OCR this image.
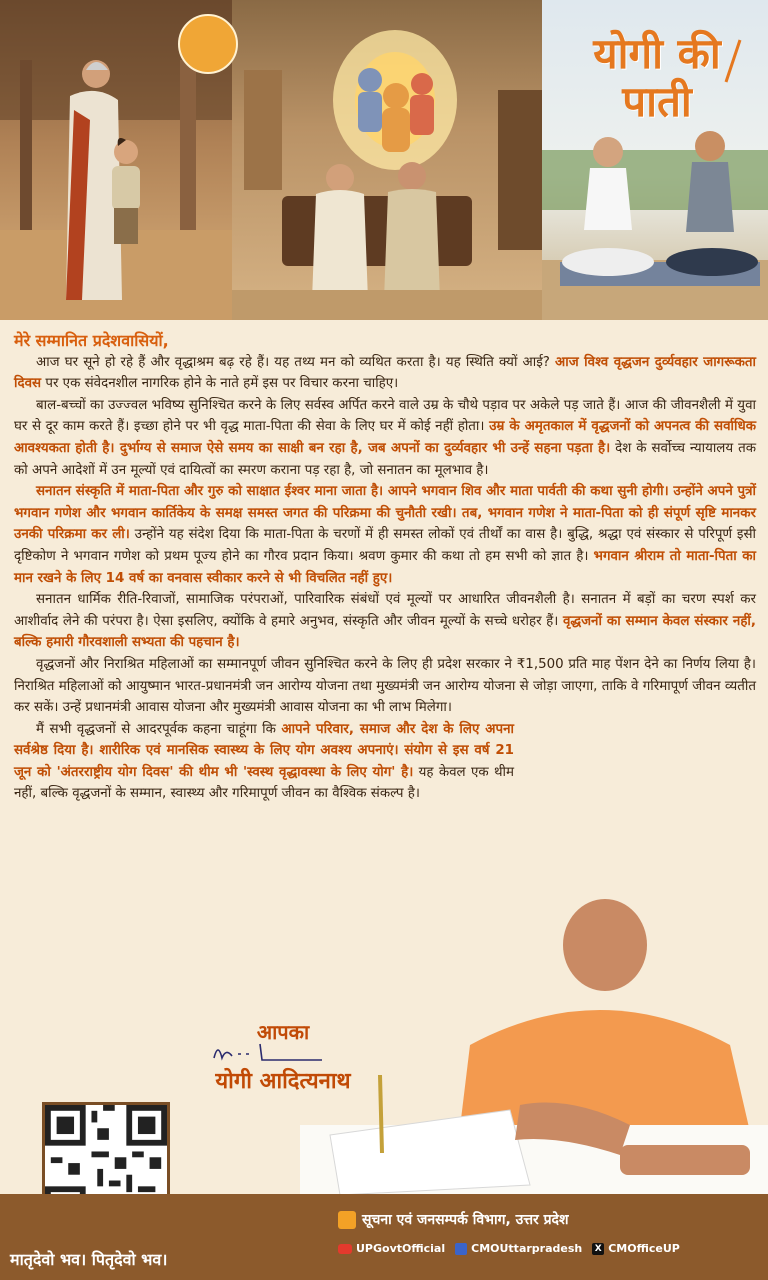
योगी की
पाती
मेरे सम्मानित प्रदेशवासियों,

आज घर सूने हो रहे हैं और वृद्धाश्रम बढ़ रहे हैं। यह तथ्य मन को व्यथित करता है। यह स्थिति क्यों आई? आज विश्व वृद्धजन दुर्व्यवहार जागरूकता दिवस पर एक संवेदनशील नागरिक होने के नाते हमें इस पर विचार करना चाहिए।

बाल-बच्चों का उज्ज्वल भविष्य सुनिश्चित करने के लिए सर्वस्व अर्पित करने वाले उम्र के चौथे पड़ाव पर अकेले पड़ जाते हैं। आज की जीवनशैली में युवा घर से दूर काम करते हैं। इच्छा होने पर भी वृद्ध माता-पिता की सेवा के लिए घर में कोई नहीं होता। उम्र के अमृतकाल में वृद्धजनों को अपनत्व की सर्वाधिक आवश्यकता होती है। दुर्भाग्य से समाज ऐसे समय का साक्षी बन रहा है, जब अपनों का दुर्व्यवहार भी उन्हें सहना पड़ता है। देश के सर्वोच्च न्यायालय तक को अपने आदेशों में उन मूल्यों एवं दायित्वों का स्मरण कराना पड़ रहा है, जो सनातन का मूलभाव है।

सनातन संस्कृति में माता-पिता और गुरु को साक्षात ईश्वर माना जाता है। आपने भगवान शिव और माता पार्वती की कथा सुनी होगी। उन्होंने अपने पुत्रों भगवान गणेश और भगवान कार्तिकेय के समक्ष समस्त जगत की परिक्रमा की चुनौती रखी। तब, भगवान गणेश ने माता-पिता को ही संपूर्ण सृष्टि मानकर उनकी परिक्रमा कर ली। उन्होंने यह संदेश दिया कि माता-पिता के चरणों में ही समस्त लोकों एवं तीर्थों का वास है। बुद्धि, श्रद्धा एवं संस्कार से परिपूर्ण इसी दृष्टिकोण ने भगवान गणेश को प्रथम पूज्य होने का गौरव प्रदान किया। श्रवण कुमार की कथा तो हम सभी को ज्ञात है। भगवान श्रीराम तो माता-पिता का मान रखने के लिए 14 वर्ष का वनवास स्वीकार करने से भी विचलित नहीं हुए।

सनातन धार्मिक रीति-रिवाजों, सामाजिक परंपराओं, पारिवारिक संबंधों एवं मूल्यों पर आधारित जीवनशैली है। सनातन में बड़ों का चरण स्पर्श कर आशीर्वाद लेने की परंपरा है। ऐसा इसलिए, क्योंकि वे हमारे अनुभव, संस्कृति और जीवन मूल्यों के सच्चे धरोहर हैं। वृद्धजनों का सम्मान केवल संस्कार नहीं, बल्कि हमारी गौरवशाली सभ्यता की पहचान है।

वृद्धजनों और निराश्रित महिलाओं का सम्मानपूर्ण जीवन सुनिश्चित करने के लिए ही प्रदेश सरकार ने ₹1,500 प्रति माह पेंशन देने का निर्णय लिया है। निराश्रित महिलाओं को आयुष्मान भारत-प्रधानमंत्री जन आरोग्य योजना तथा मुख्यमंत्री जन आरोग्य योजना से जोड़ा जाएगा, ताकि वे गरिमापूर्ण जीवन व्यतीत कर सकें। उन्हें प्रधानमंत्री आवास योजना और मुख्यमंत्री आवास योजना का भी लाभ मिलेगा।

मैं सभी वृद्धजनों से आदरपूर्वक कहना चाहूंगा कि आपने परिवार, समाज और देश के लिए अपना सर्वश्रेष्ठ दिया है। शारीरिक एवं मानसिक स्वास्थ्य के लिए योग अवश्य अपनाएं। संयोग से इस वर्ष 21 जून को 'अंतरराष्ट्रीय योग दिवस' की थीम भी 'स्वस्थ वृद्धावस्था के लिए योग' है। यह केवल एक थीम नहीं, बल्कि वृद्धजनों के सम्मान, स्वास्थ्य और गरिमापूर्ण जीवन का वैश्विक संकल्प है।

आपका
योगी आदित्यनाथ
मातृदेवो भव। पितृदेवो भव।
सूचना एवं जनसम्पर्क विभाग, उत्तर प्रदेश
UPGovtOfficial CMOUttarpradesh X CMOfficeUP
